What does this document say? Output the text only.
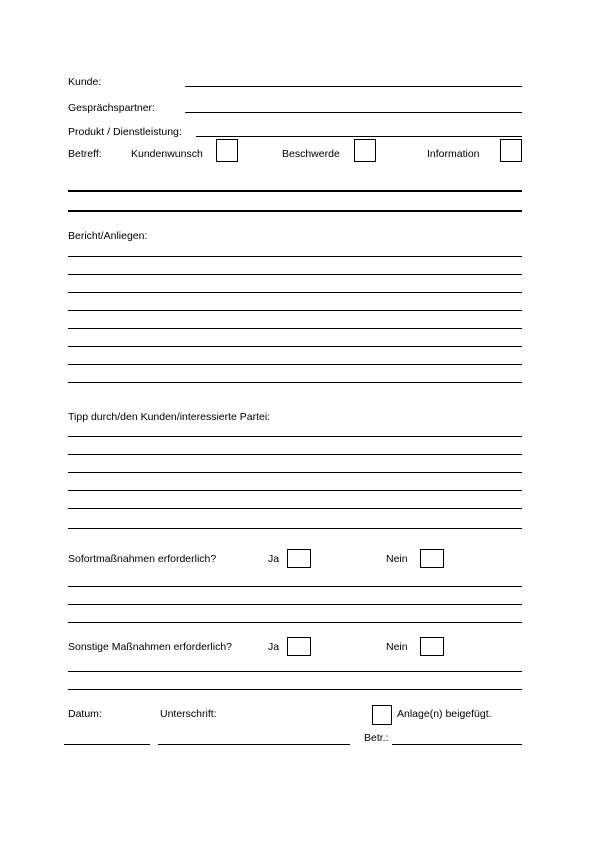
Kunde:
Gesprächspartner:
Produkt / Dienstleistung:
Betreff:	Kundenwunsch	Beschwerde	Information
Bericht/Anliegen:
Tipp durch/den Kunden/interessierte Partei:
Sofortmaßnahmen erforderlich?	Ja	Nein
Sonstige Maßnahmen erforderlich?	Ja	Nein
Datum:	Unterschrift:	Anlage(n) beigefügt.
Betr.:
